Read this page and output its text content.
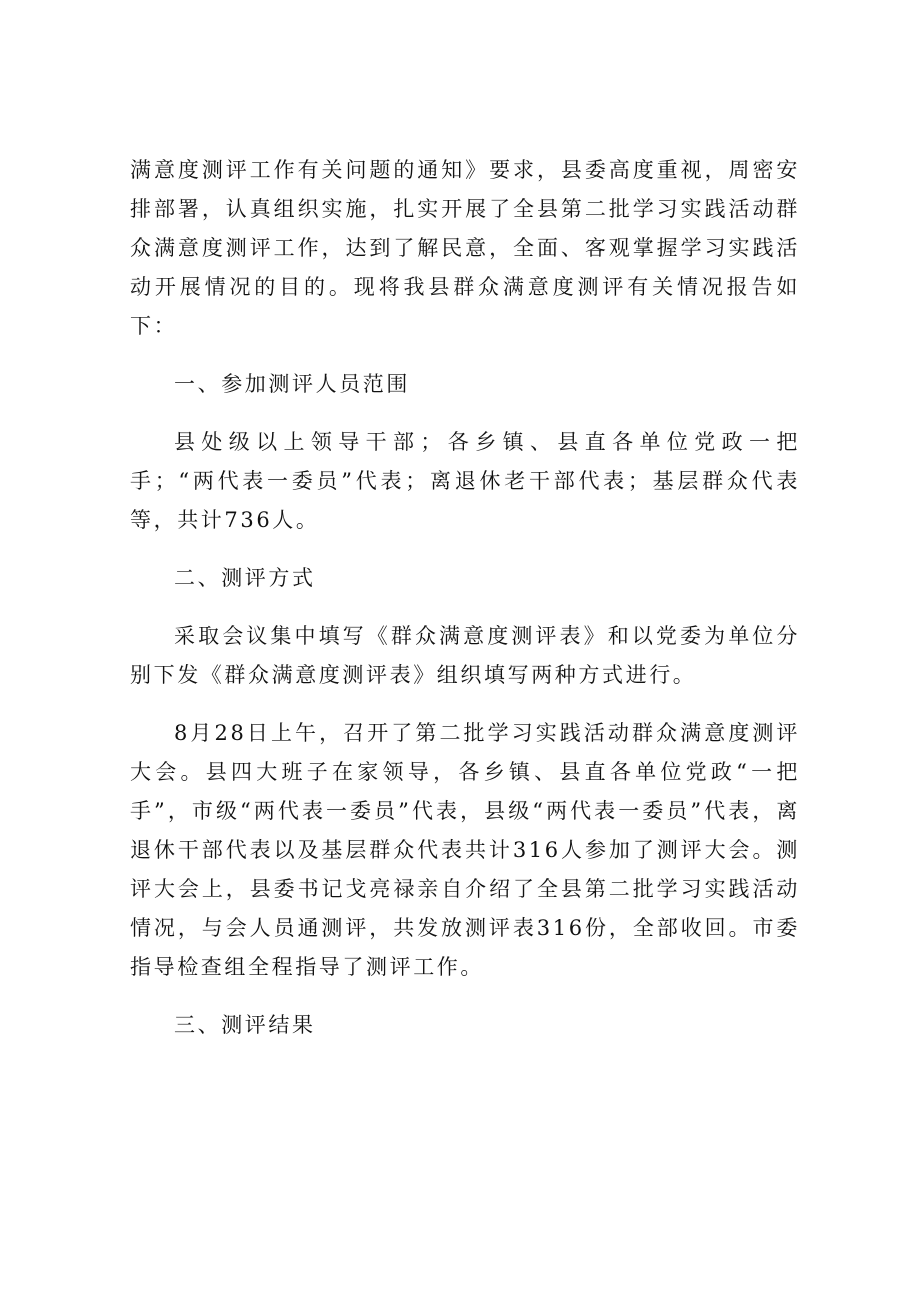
满意度测评工作有关问题的通知》要求，县委高度重视，周密安排部署，认真组织实施，扎实开展了全县第二批学习实践活动群众满意度测评工作，达到了解民意，全面、客观掌握学习实践活动开展情况的目的。现将我县群众满意度测评有关情况报告如下：

一、参加测评人员范围

县处级以上领导干部；各乡镇、县直各单位党政一把手；“两代表一委员”代表；离退休老干部代表；基层群众代表等，共计736人。

二、测评方式

采取会议集中填写《群众满意度测评表》和以党委为单位分别下发《群众满意度测评表》组织填写两种方式进行。

8月28日上午，召开了第二批学习实践活动群众满意度测评大会。县四大班子在家领导，各乡镇、县直各单位党政“一把手”，市级“两代表一委员”代表，县级“两代表一委员”代表，离退休干部代表以及基层群众代表共计316人参加了测评大会。测评大会上，县委书记戈亮禄亲自介绍了全县第二批学习实践活动情况，与会人员通测评，共发放测评表316份，全部收回。市委指导检查组全程指导了测评工作。

三、测评结果
